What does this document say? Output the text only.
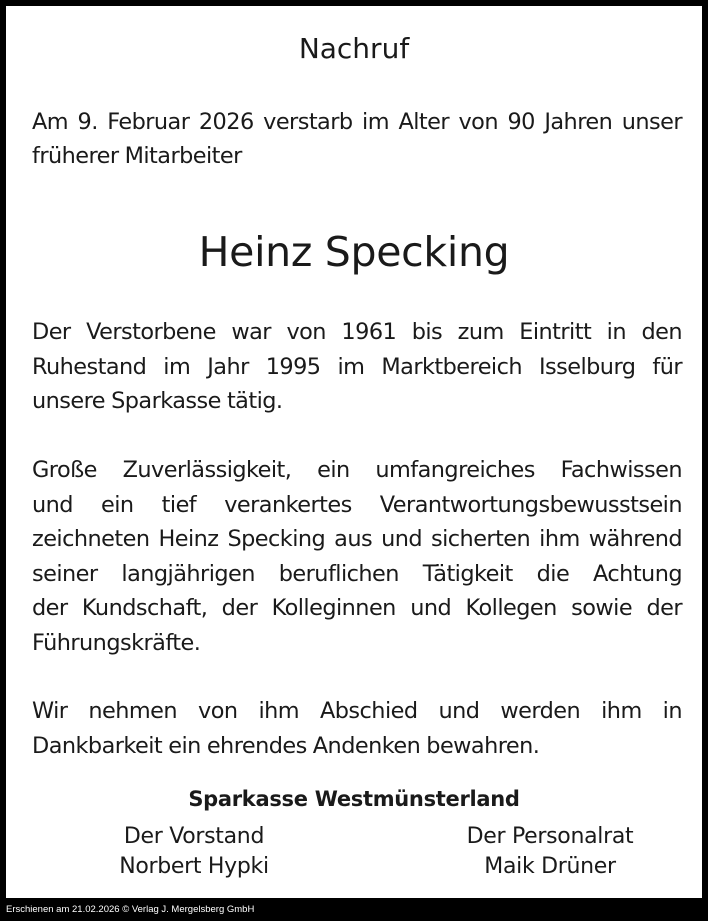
Nachruf

Am 9. Februar 2026 verstarb im Alter von 90 Jahren unser
früherer Mitarbeiter

Heinz Specking

Der Verstorbene war von 1961 bis zum Eintritt in den
Ruhestand im Jahr 1995 im Marktbereich Isselburg für
unsere Sparkasse tätig.

Große Zuverlässigkeit, ein umfangreiches Fachwissen
und ein tief verankertes Verantwortungsbewusstsein
zeichneten Heinz Specking aus und sicherten ihm während
seiner langjährigen beruflichen Tätigkeit die Achtung
der Kundschaft, der Kolleginnen und Kollegen sowie der
Führungskräfte.

Wir nehmen von ihm Abschied und werden ihm in
Dankbarkeit ein ehrendes Andenken bewahren.

Sparkasse Westmünsterland
Der Vorstand
Norbert Hypki
Der Personalrat
Maik Drüner
Erschienen am 21.02.2026 © Verlag J. Mergelsberg GmbH
